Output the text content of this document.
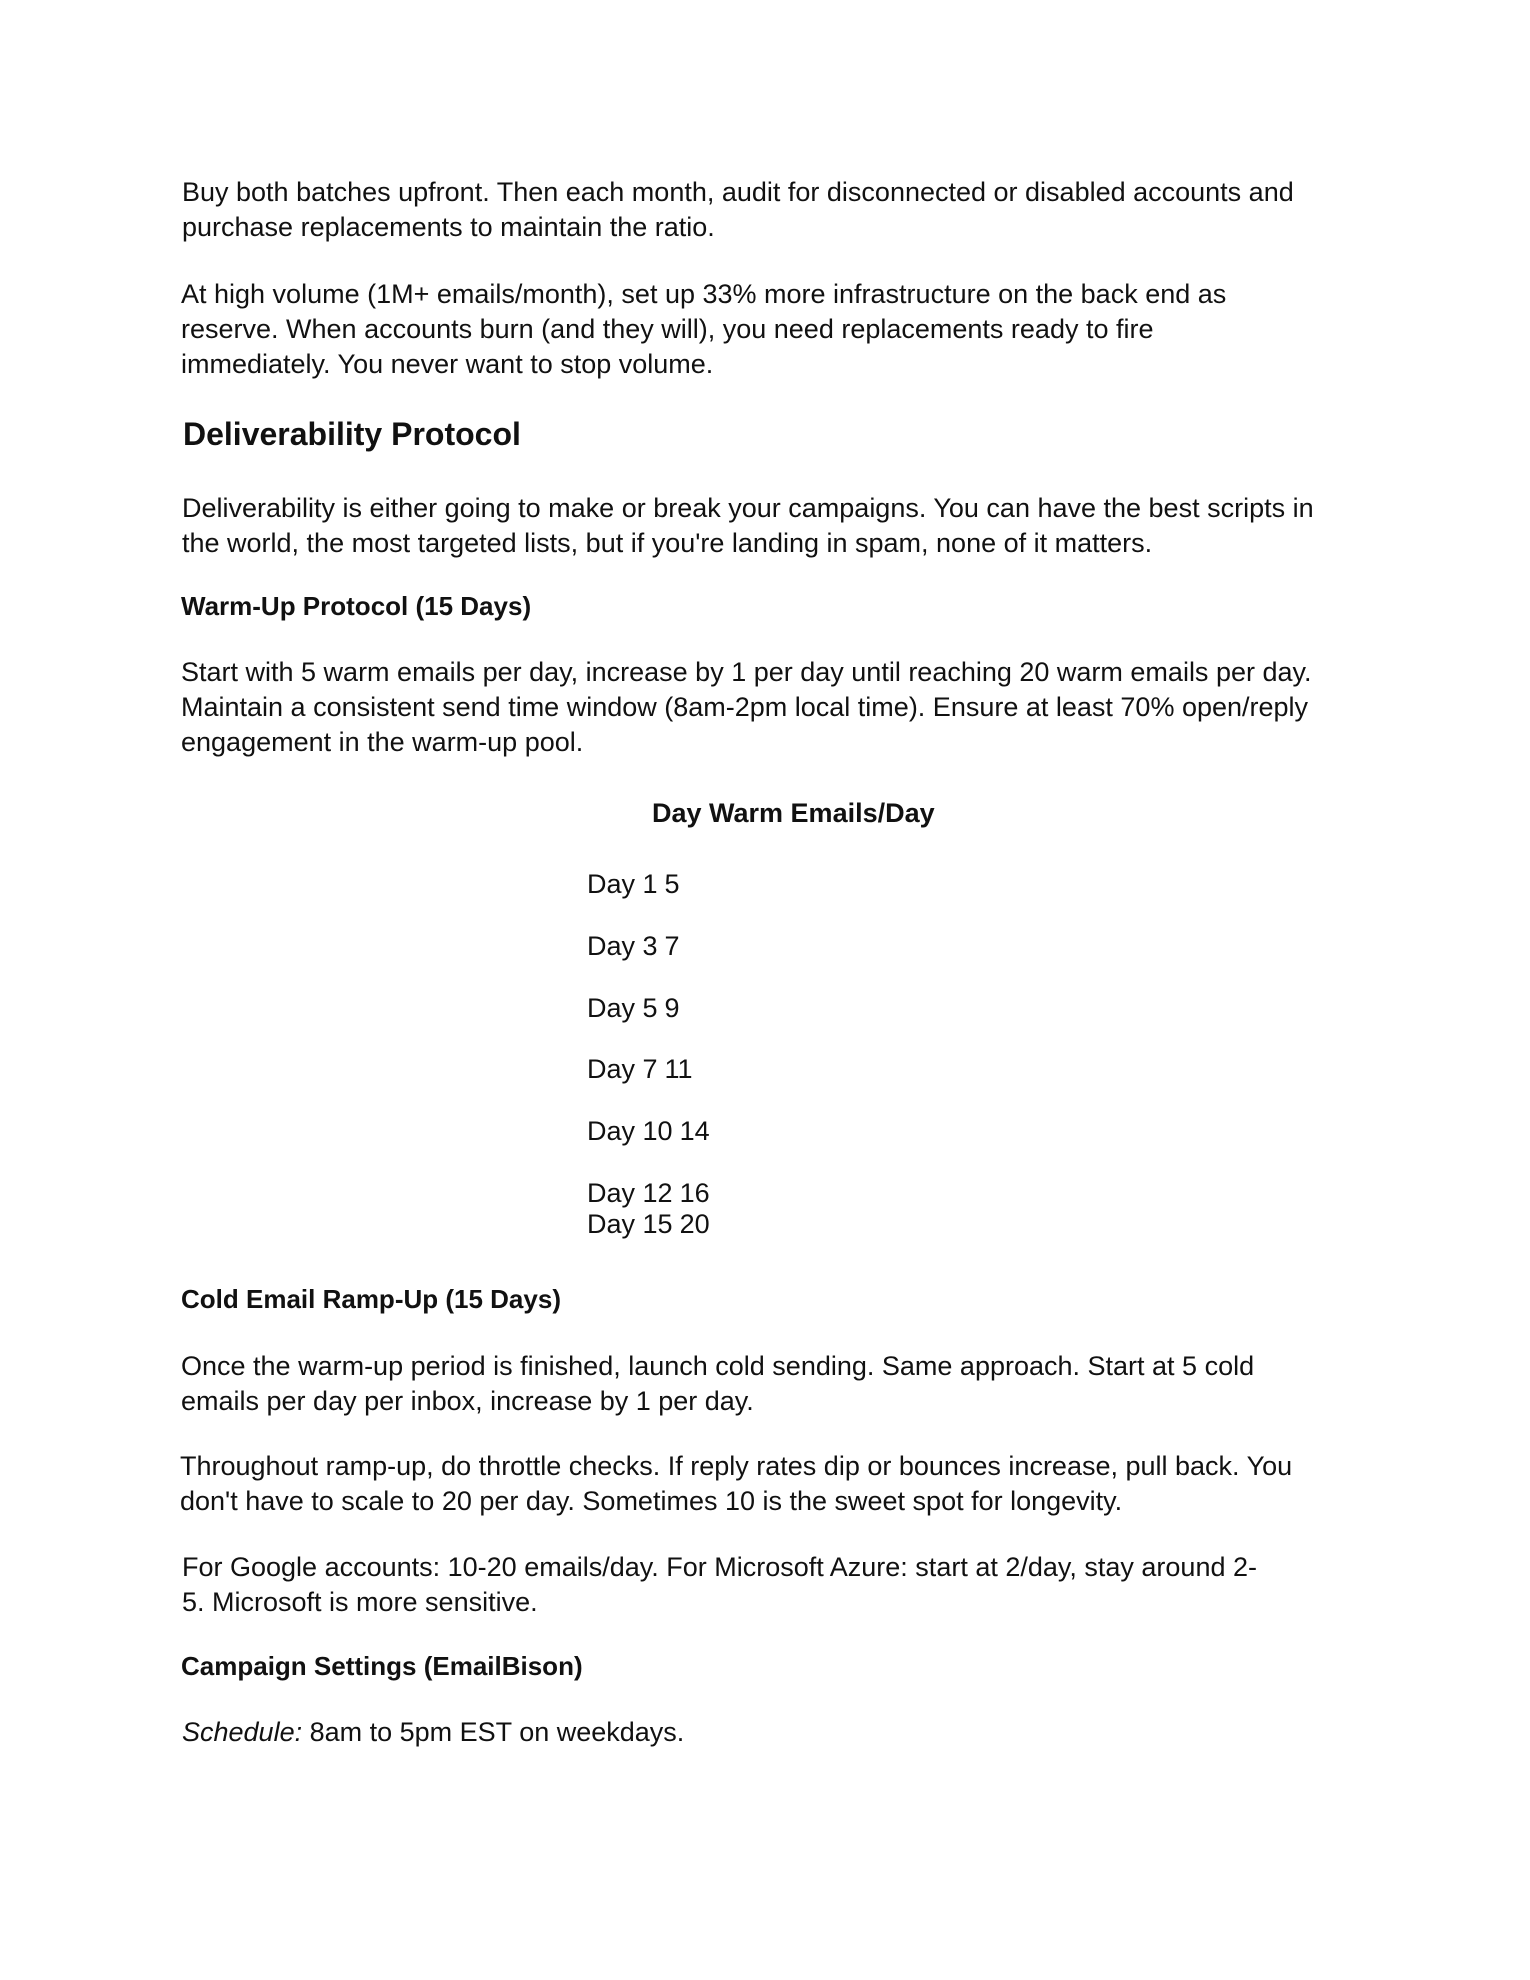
Buy both batches upfront. Then each month, audit for disconnected or disabled accounts and
purchase replacements to maintain the ratio.

At high volume (1M+ emails/month), set up 33% more infrastructure on the back end as
reserve. When accounts burn (and they will), you need replacements ready to fire
immediately. You never want to stop volume.

Deliverability Protocol

Deliverability is either going to make or break your campaigns. You can have the best scripts in
the world, the most targeted lists, but if you're landing in spam, none of it matters.

Warm-Up Protocol (15 Days)

Start with 5 warm emails per day, increase by 1 per day until reaching 20 warm emails per day.
Maintain a consistent send time window (8am-2pm local time). Ensure at least 70% open/reply
engagement in the warm-up pool.

Day Warm Emails/Day
Day 1 5
Day 3 7
Day 5 9
Day 7 11
Day 10 14
Day 12 16
Day 15 20
Cold Email Ramp-Up (15 Days)

Once the warm-up period is finished, launch cold sending. Same approach. Start at 5 cold
emails per day per inbox, increase by 1 per day.

Throughout ramp-up, do throttle checks. If reply rates dip or bounces increase, pull back. You
don't have to scale to 20 per day. Sometimes 10 is the sweet spot for longevity.

For Google accounts: 10-20 emails/day. For Microsoft Azure: start at 2/day, stay around 2-
5. Microsoft is more sensitive.

Campaign Settings (EmailBison)

Schedule: 8am to 5pm EST on weekdays.
